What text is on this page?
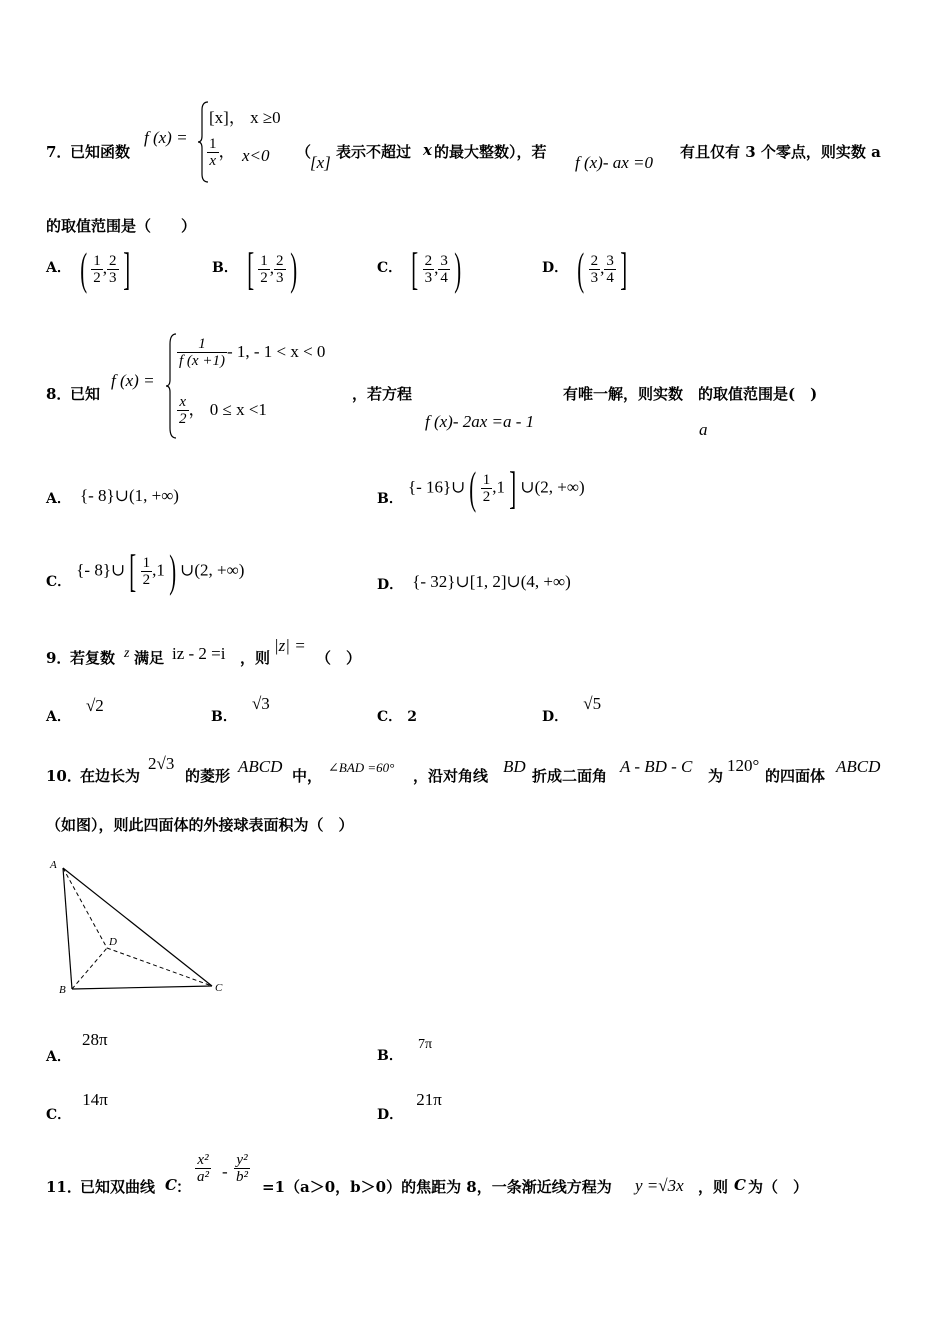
7．
已知函数
f (x) =
[x]， x ≥0
$\frac{1}{x}$ ， x<0 （
[x]
表示不超过 x 的最大整数），若
f (x)- ax =0
有且仅有 3 个零点，则实数 a
的取值范围是（　　）
A． ( $\frac{1}{2}$ , $\frac{2}{3}$ ]	B． [ $\frac{1}{2}$ , $\frac{2}{3}$ )	C． [ $\frac{2}{3}$ , $\frac{3}{4}$ )	D． ( $\frac{2}{3}$ , $\frac{3}{4}$ ]
8．
已知
f (x) =
$\frac{1}{f (x +1)} - 1$, - 1 < x < 0
$\frac{x}{2}$ ， 0 ≤ x <1
，若方程
f (x)- 2ax =a - 1
有唯一解，则实数　的取值范围是(　)
a
A． {- 8}∪(1, +∞)	B． {- 16}∪( $\frac{1}{2} ,1$] ∪(2, +∞)
C． {- 8}∪[ $\frac{1}{2} ,1$) ∪(2, +∞)
D． {- 32}∪[1, 2]∪(4, +∞)
9．
若复数 z 满足 iz - 2 =i ，则
|z| =
（　）
A． √2
B． √3
C． 2	D． √5
10．
在边长为
2√3
的菱形 ABCD 中， ∠BAD =60° ，沿对角线 BD 折成二面角 A - BD - C 为
120°
的四面体 ABCD
（如图），则此四面体的外接球表面积为（　）
A
B	C
D
A． 28π
B． 7π
C． 14π
D． 21π
11．
已知双曲线 C ：
$\frac{\text{x²}}{\text{a²}} - \frac{\text{y²}}{\text{b²}}$
=1（a＞0，b＞0）的焦距为 8，一条渐近线方程为 y =√3x ，则 C 为（　）
